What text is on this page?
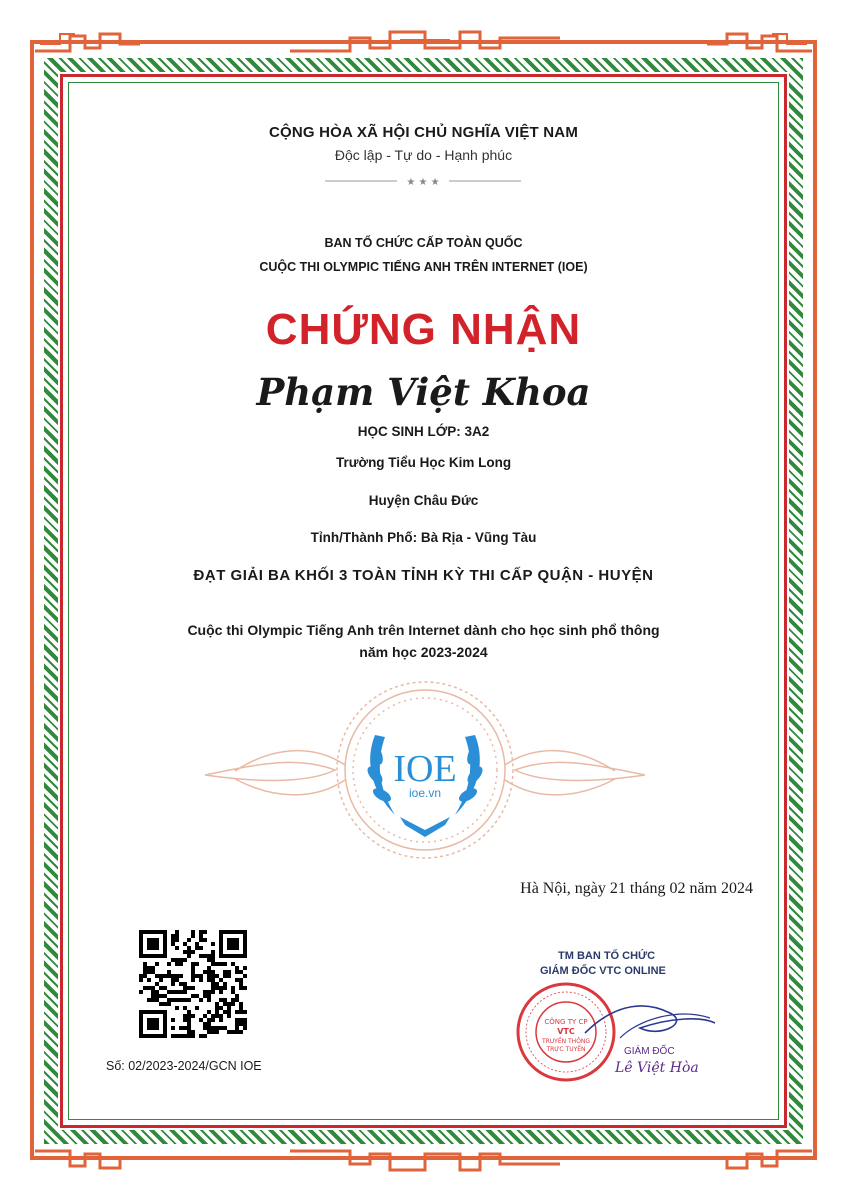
CỘNG HÒA XÃ HỘI CHỦ NGHĨA VIỆT NAM
Độc lập - Tự do - Hạnh phúc
★ ★ ★
BAN TỔ CHỨC CẤP TOÀN QUỐC
CUỘC THI OLYMPIC TIẾNG ANH TRÊN INTERNET (IOE)
CHỨNG NHẬN
Phạm Việt Khoa
HỌC SINH LỚP: 3A2
Trường Tiểu Học Kim Long
Huyện Châu Đức
Tỉnh/Thành Phố: Bà Rịa - Vũng Tàu
ĐẠT GIẢI BA KHỐI 3 TOÀN TỈNH KỲ THI CẤP QUẬN - HUYỆN
Cuộc thi Olympic Tiếng Anh trên Internet dành cho học sinh phổ thông
năm học 2023-2024
IOE
ioe.vn
Hà Nội, ngày 21 tháng 02 năm 2024
Số: 02/2023-2024/GCN IOE
TM BAN TỔ CHỨC
GIÁM ĐỐC VTC ONLINE
CÔNG TY CP
VTC
TRUYỀN THÔNG
TRỰC TUYẾN	GIÁM ĐỐC
Lê Việt Hòa
